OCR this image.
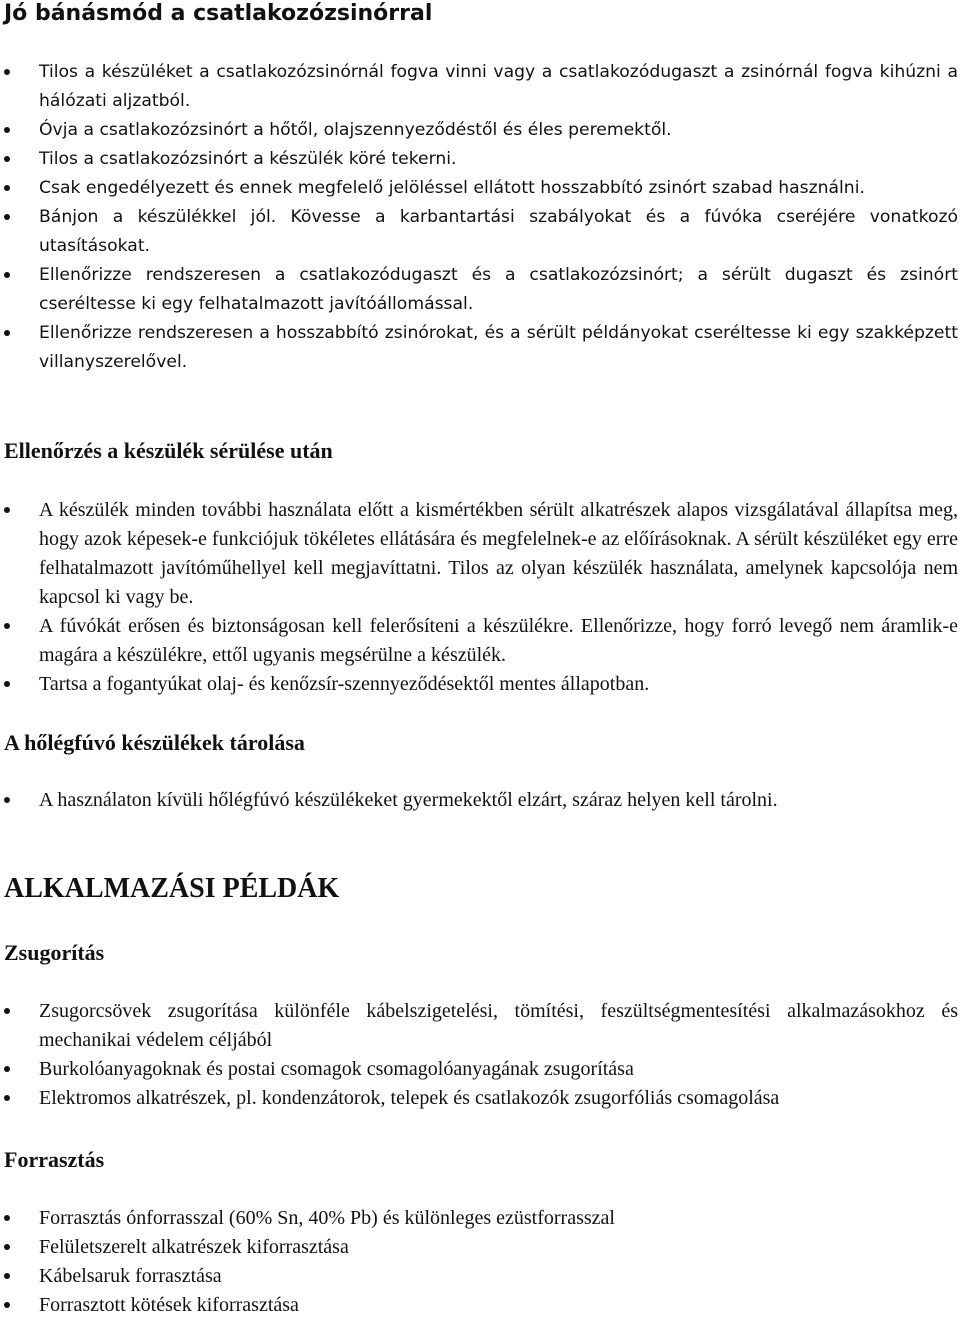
Jó bánásmód a csatlakozózsinórral
Tilos a készüléket a csatlakozózsinórnál fogva vinni vagy a csatlakozódugaszt a zsinórnál fogva kihúzni a hálózati aljzatból.
Óvja a csatlakozózsinórt a hőtől, olajszennyeződéstől és éles peremektől.
Tilos a csatlakozózsinórt a készülék köré tekerni.
Csak engedélyezett és ennek megfelelő jelöléssel ellátott hosszabbító zsinórt szabad használni.
Bánjon a készülékkel jól. Kövesse a karbantartási szabályokat és a fúvóka cseréjére vonatkozó utasításokat.
Ellenőrizze rendszeresen a csatlakozódugaszt és a csatlakozózsinórt; a sérült dugaszt és zsinórt cseréltesse ki egy felhatalmazott javítóállomással.
Ellenőrizze rendszeresen a hosszabbító zsinórokat, és a sérült példányokat cseréltesse ki egy szakképzett villanyszerelővel.
Ellenőrzés a készülék sérülése után
A készülék minden további használata előtt a kismértékben sérült alkatrészek alapos vizsgálatával állapítsa meg, hogy azok képesek-e funkciójuk tökéletes ellátására és megfelelnek-e az előírásoknak. A sérült készüléket egy erre felhatalmazott javítóműhellyel kell megjavíttatni. Tilos az olyan készülék használata, amelynek kapcsolója nem kapcsol ki vagy be.
A fúvókát erősen és biztonságosan kell felerősíteni a készülékre. Ellenőrizze, hogy forró levegő nem áramlik-e magára a készülékre, ettől ugyanis megsérülne a készülék.
Tartsa a fogantyúkat olaj- és kenőzsír-szennyeződésektől mentes állapotban.
A hőlégfúvó készülékek tárolása
A használaton kívüli hőlégfúvó készülékeket gyermekektől elzárt, száraz helyen kell tárolni.
ALKALMAZÁSI PÉLDÁK
Zsugorítás
Zsugorcsövek zsugorítása különféle kábelszigetelési, tömítési, feszültségmentesítési alkalmazásokhoz és mechanikai védelem céljából
Burkolóanyagoknak és postai csomagok csomagolóanyagának zsugorítása
Elektromos alkatrészek, pl. kondenzátorok, telepek és csatlakozók zsugorfóliás csomagolása
Forrasztás
Forrasztás ónforrasszal (60% Sn, 40% Pb) és különleges ezüstforrasszal
Felületszerelt alkatrészek kiforrasztása
Kábelsaruk forrasztása
Forrasztott kötések kiforrasztása
